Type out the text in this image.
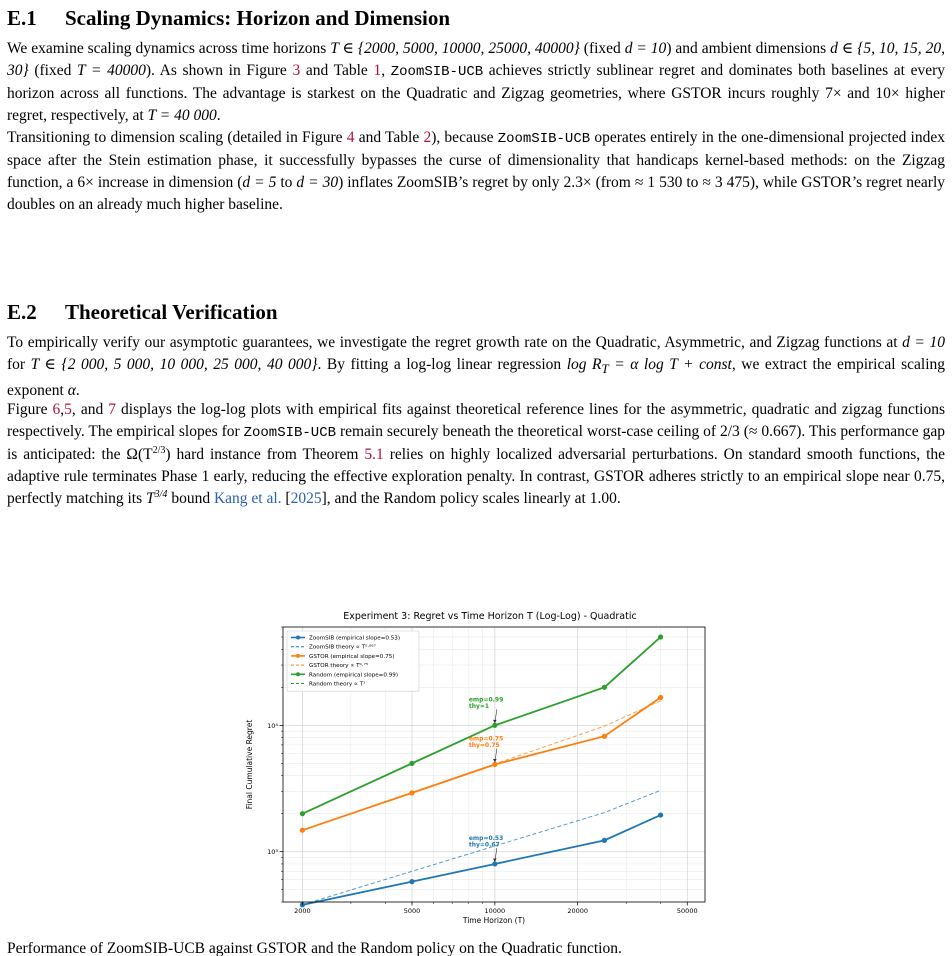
E.1 Scaling Dynamics: Horizon and Dimension

We examine scaling dynamics across time horizons T ∈ {2000, 5000, 10000, 25000, 40000} (fixed d = 10) and ambient dimensions d ∈ {5, 10, 15, 20, 30} (fixed T = 40000). As shown in Figure 3 and Table 1, ZoomSIB-UCB achieves strictly sublinear regret and dominates both baselines at every horizon across all functions. The advantage is starkest on the Quadratic and Zigzag geometries, where GSTOR incurs roughly 7× and 10× higher regret, respectively, at T = 40 000.

Transitioning to dimension scaling (detailed in Figure 4 and Table 2), because ZoomSIB-UCB operates entirely in the one-dimensional projected index space after the Stein estimation phase, it successfully bypasses the curse of dimensionality that handicaps kernel-based methods: on the Zigzag function, a 6× increase in dimension (d = 5 to d = 30) inflates ZoomSIB’s regret by only 2.3× (from ≈ 1 530 to ≈ 3 475), while GSTOR’s regret nearly doubles on an already much higher baseline.

E.2 Theoretical Verification

To empirically verify our asymptotic guarantees, we investigate the regret growth rate on the Quadratic, Asymmetric, and Zigzag functions at d = 10 for T ∈ {2 000, 5 000, 10 000, 25 000, 40 000}. By fitting a log-log linear regression $\log R_T = \alpha$ log T + const, we extract the empirical scaling exponent α.

Figure 6,5, and 7 displays the log-log plots with empirical fits against theoretical reference lines for the asymmetric, quadratic and zigzag functions respectively. The empirical slopes for ZoomSIB-UCB remain securely beneath the theoretical worst-case ceiling of 2/3 (≈ 0.667). This performance gap is anticipated: the $\Omega(T^{2/3})$ hard instance from Theorem 5.1 relies on highly localized adversarial perturbations. On standard smooth functions, the adaptive rule terminates Phase 1 early, reducing the effective exploration penalty. In contrast, GSTOR adheres strictly to an empirical slope near 0.75, perfectly matching its $T^{3/4}$ bound Kang et al. [2025], and the Random policy scales linearly at 1.00.

Experiment 3: Regret vs Time Horizon T (Log-Log) - Quadratic
emp=0.99
thy=1
emp=0.75
thy=0.75
emp=0.53
thy=0.67
2000	5000	10000	20000	50000
10³
10⁴
Time Horizon (T)
Final Cumulative Regret
ZoomSIB (empirical slope=0.53)
ZoomSIB theory ∝ T⁰·⁶⁶⁷
GSTOR (empirical slope=0.75)
GSTOR theory ∝ T⁰·⁷⁵
Random (empirical slope=0.99)
Random theory ∝ T¹
Performance of ZoomSIB-UCB against GSTOR and the Random policy on the Quadratic function.
